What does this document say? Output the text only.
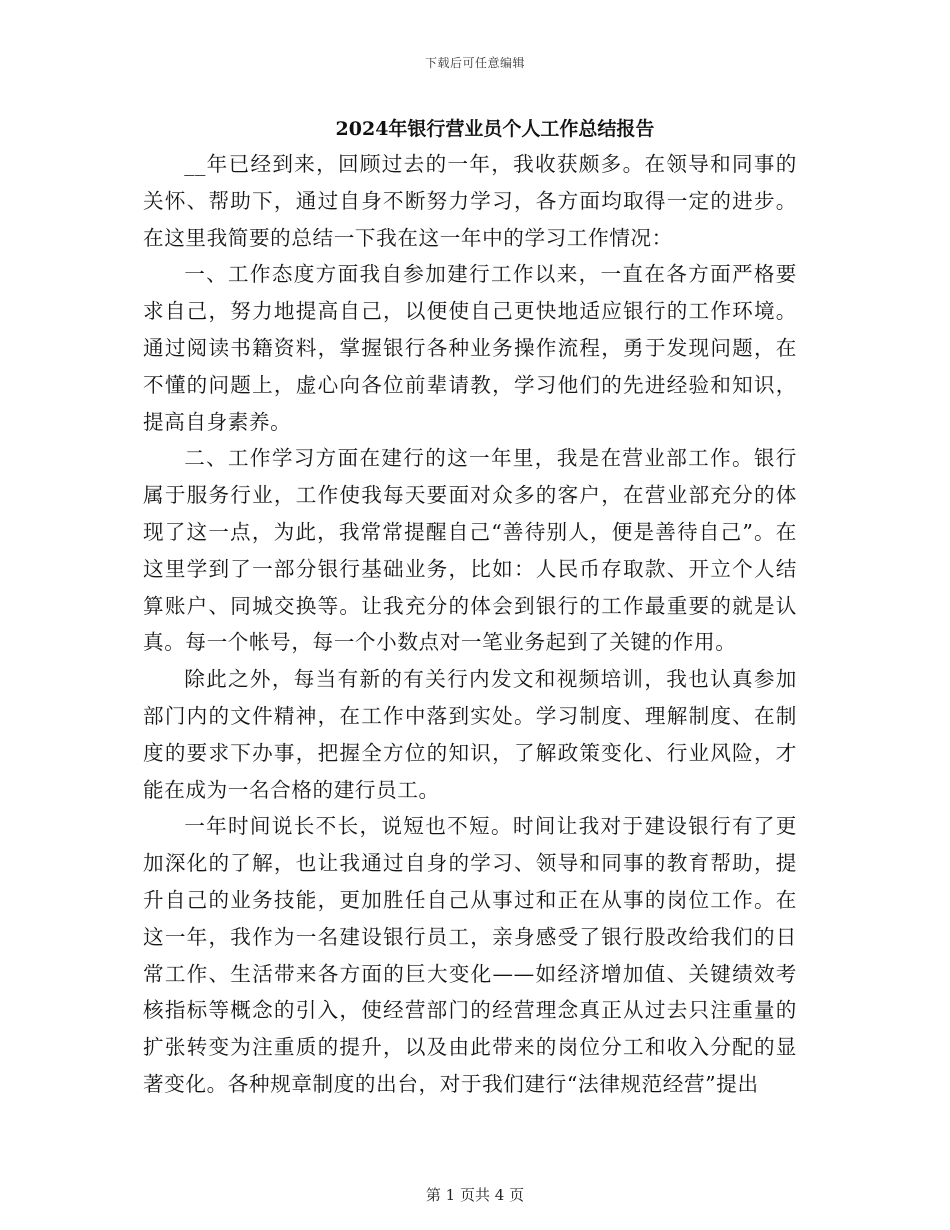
下载后可任意编辑
2024年银行营业员个人工作总结报告

__年已经到来，回顾过去的一年，我收获颇多。在领导和同事的关怀、帮助下，通过自身不断努力学习，各方面均取得一定的进步。在这里我简要的总结一下我在这一年中的学习工作情况：

一、工作态度方面我自参加建行工作以来，一直在各方面严格要求自己，努力地提高自己，以便使自己更快地适应银行的工作环境。通过阅读书籍资料，掌握银行各种业务操作流程，勇于发现问题，在不懂的问题上，虚心向各位前辈请教，学习他们的先进经验和知识，提高自身素养。

二、工作学习方面在建行的这一年里，我是在营业部工作。银行属于服务行业，工作使我每天要面对众多的客户，在营业部充分的体现了这一点，为此，我常常提醒自己“善待别人，便是善待自己”。在这里学到了一部分银行基础业务，比如：人民币存取款、开立个人结算账户、同城交换等。让我充分的体会到银行的工作最重要的就是认真。每一个帐号，每一个小数点对一笔业务起到了关键的作用。

除此之外，每当有新的有关行内发文和视频培训，我也认真参加部门内的文件精神，在工作中落到实处。学习制度、理解制度、在制度的要求下办事，把握全方位的知识，了解政策变化、行业风险，才能在成为一名合格的建行员工。

一年时间说长不长，说短也不短。时间让我对于建设银行有了更加深化的了解，也让我通过自身的学习、领导和同事的教育帮助，提升自己的业务技能，更加胜任自己从事过和正在从事的岗位工作。在这一年，我作为一名建设银行员工，亲身感受了银行股改给我们的日常工作、生活带来各方面的巨大变化——如经济增加值、关键绩效考核指标等概念的引入，使经营部门的经营理念真正从过去只注重量的扩张转变为注重质的提升，以及由此带来的岗位分工和收入分配的显著变化。各种规章制度的出台，对于我们建行“法律规范经营”提出

第 1 页共 4 页
